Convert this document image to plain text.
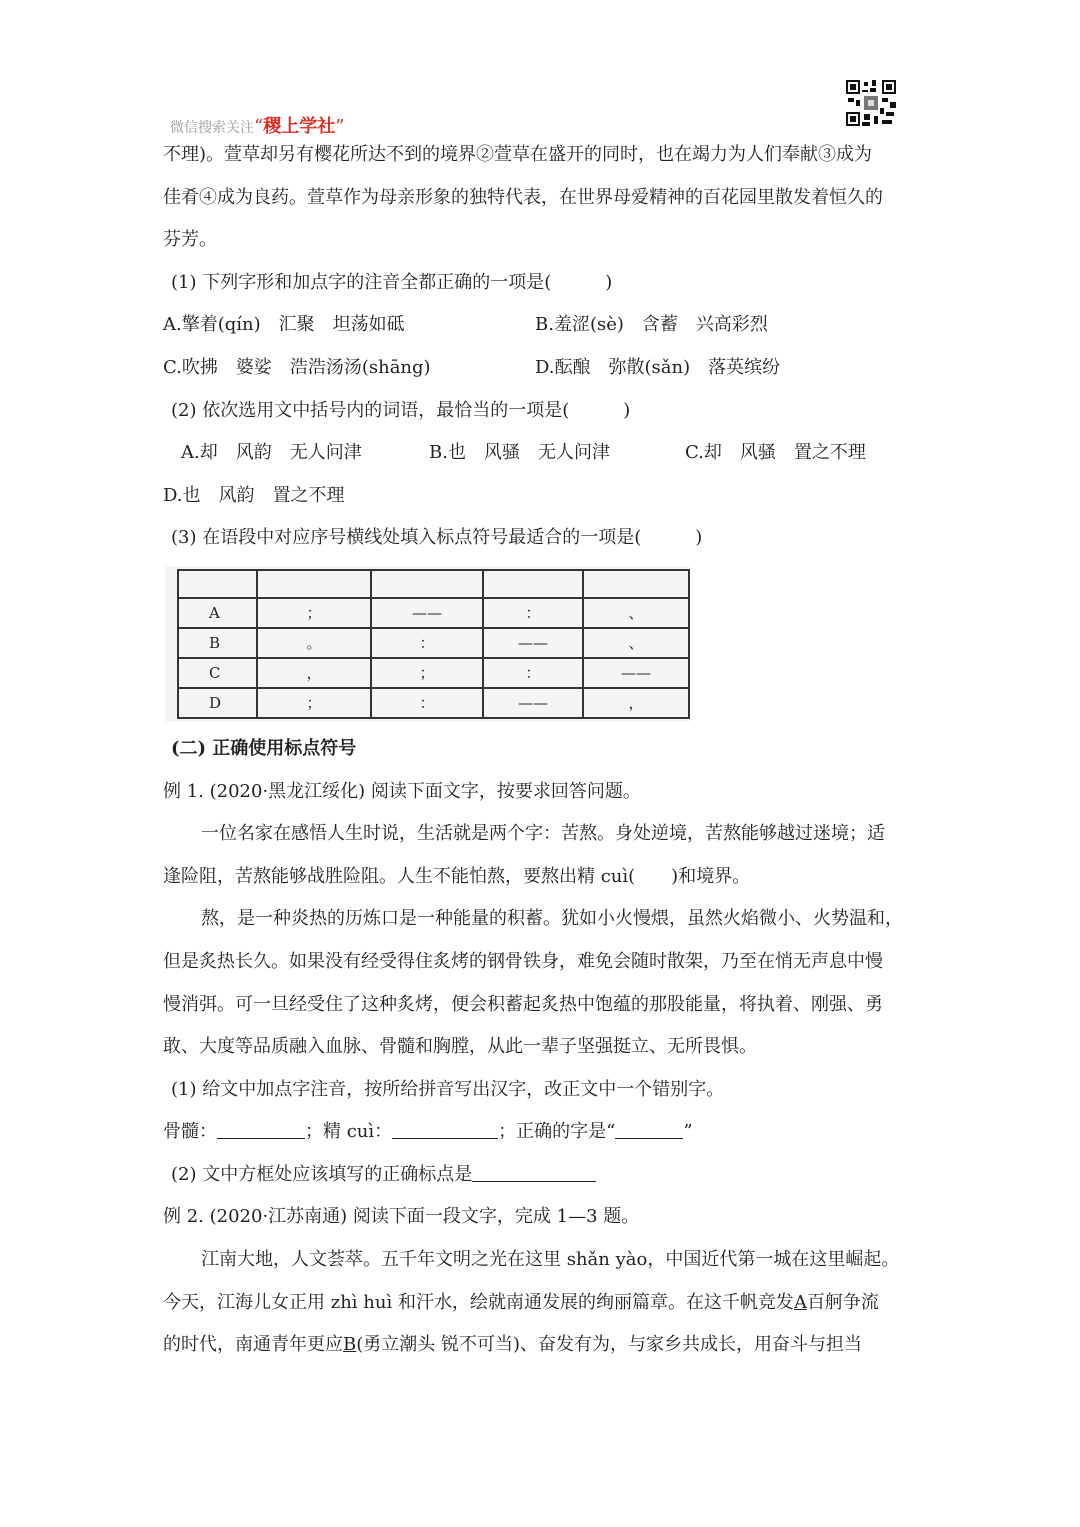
微信搜索关注“稷上学社”

不理)。萱草却另有樱花所达不到的境界②萱草在盛开的同时，也在竭力为人们奉献③成为

佳肴④成为良药。萱草作为母亲形象的独特代表，在世界母爱精神的百花园里散发着恒久的

芬芳。

(1) 下列字形和加点字的注音全都正确的一项是(　　　)

A.擎着(qín)　汇聚　坦荡如砥	B.羞涩(sè)　含蓄　兴高彩烈
C.吹拂　婆娑　浩浩汤汤(shāng)	D.酝酿　弥散(sǎn)　落英缤纷

(2) 依次选用文中括号内的词语，最恰当的一项是(　　　)

A.却　风韵　无人问津	B.也　风骚　无人问津	C.却　风骚　置之不理

D.也　风韵　置之不理

(3) 在语段中对应序号横线处填入标点符号最适合的一项是(　　　)

A	；	——	：	、
B	。	：	——	、
C	，	；	：	——
D	；	：	——	，

(二) 正确使用标点符号

例 1. (2020·黑龙江绥化) 阅读下面文字，按要求回答问题。

一位名家在感悟人生时说，生活就是两个字：苦熬。身处逆境，苦熬能够越过迷境；适

逢险阻，苦熬能够战胜险阻。人生不能怕熬，要熬出精 cuì(　　)和境界。

熬，是一种炎热的历炼口是一种能量的积蓄。犹如小火慢煨，虽然火焰微小、火势温和，

但是炙热长久。如果没有经受得住炙烤的钢骨铁身，难免会随时散架，乃至在悄无声息中慢

慢消弭。可一旦经受住了这种炙烤，便会积蓄起炙热中饱蕴的那股能量，将执着、刚强、勇

敢、大度等品质融入血脉、骨髓和胸膛，从此一辈子坚强挺立、无所畏惧。

(1) 给文中加点字注音，按所给拼音写出汉字，改正文中一个错别字。

骨髓：	；精 cuì：	；正确的字是“	”

(2) 文中方框处应该填写的正确标点是

例 2. (2020·江苏南通) 阅读下面一段文字，完成 1—3 题。

江南大地，人文荟萃。五千年文明之光在这里 shǎn yào，中国近代第一城在这里崛起。

今天，江海儿女正用 zhì huì 和汗水，绘就南通发展的绚丽篇章。在这千帆竞发A百舸争流

的时代，南通青年更应B(勇立潮头 锐不可当)、奋发有为，与家乡共成长，用奋斗与担当
